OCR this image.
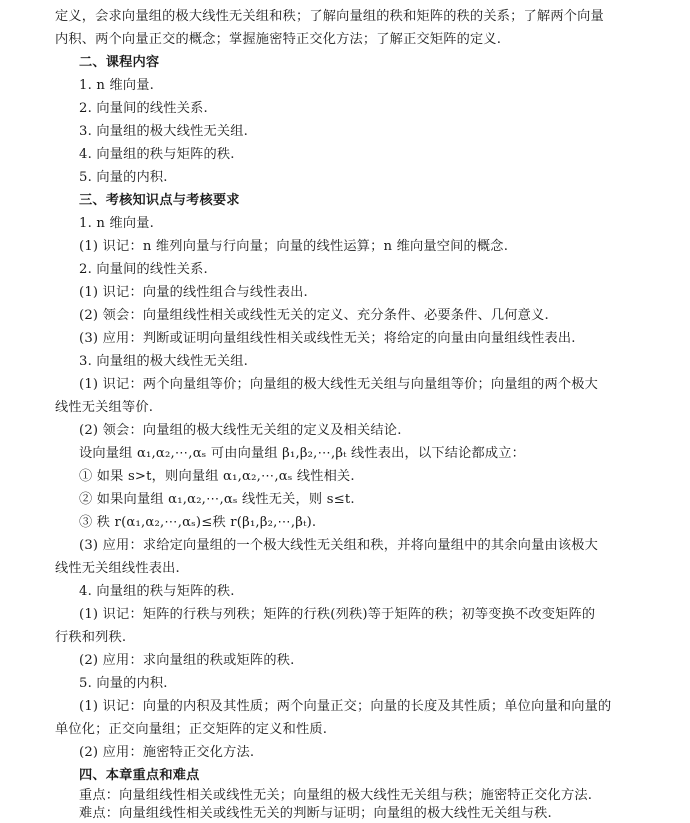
定义，会求向量组的极大线性无关组和秩；了解向量组的秩和矩阵的秩的关系；了解两个向量
内积、两个向量正交的概念；掌握施密特正交化方法；了解正交矩阵的定义.
二、课程内容
1. n 维向量.
2. 向量间的线性关系.
3. 向量组的极大线性无关组.
4. 向量组的秩与矩阵的秩.
5. 向量的内积.
三、考核知识点与考核要求
1. n 维向量.
(1) 识记：n 维列向量与行向量；向量的线性运算；n 维向量空间的概念.
2. 向量间的线性关系.
(1) 识记：向量的线性组合与线性表出.
(2) 领会：向量组线性相关或线性无关的定义、充分条件、必要条件、几何意义.
(3) 应用：判断或证明向量组线性相关或线性无关；将给定的向量由向量组线性表出.
3. 向量组的极大线性无关组.
(1) 识记：两个向量组等价；向量组的极大线性无关组与向量组等价；向量组的两个极大
线性无关组等价.
(2) 领会：向量组的极大线性无关组的定义及相关结论.
设向量组 α₁,α₂,⋯,αₛ 可由向量组 β₁,β₂,⋯,βₜ 线性表出，以下结论都成立：
① 如果 s>t，则向量组 α₁,α₂,⋯,αₛ 线性相关.
② 如果向量组 α₁,α₂,⋯,αₛ 线性无关，则 s≤t.
③ 秩 r(α₁,α₂,⋯,αₛ)≤秩 r(β₁,β₂,⋯,βₜ).
(3) 应用：求给定向量组的一个极大线性无关组和秩，并将向量组中的其余向量由该极大
线性无关组线性表出.
4. 向量组的秩与矩阵的秩.
(1) 识记：矩阵的行秩与列秩；矩阵的行秩(列秩)等于矩阵的秩；初等变换不改变矩阵的
行秩和列秩.
(2) 应用：求向量组的秩或矩阵的秩.
5. 向量的内积.
(1) 识记：向量的内积及其性质；两个向量正交；向量的长度及其性质；单位向量和向量的
单位化；正交向量组；正交矩阵的定义和性质.
(2) 应用：施密特正交化方法.
四、本章重点和难点
重点：向量组线性相关或线性无关；向量组的极大线性无关组与秩；施密特正交化方法.
难点：向量组线性相关或线性无关的判断与证明；向量组的极大线性无关组与秩.
